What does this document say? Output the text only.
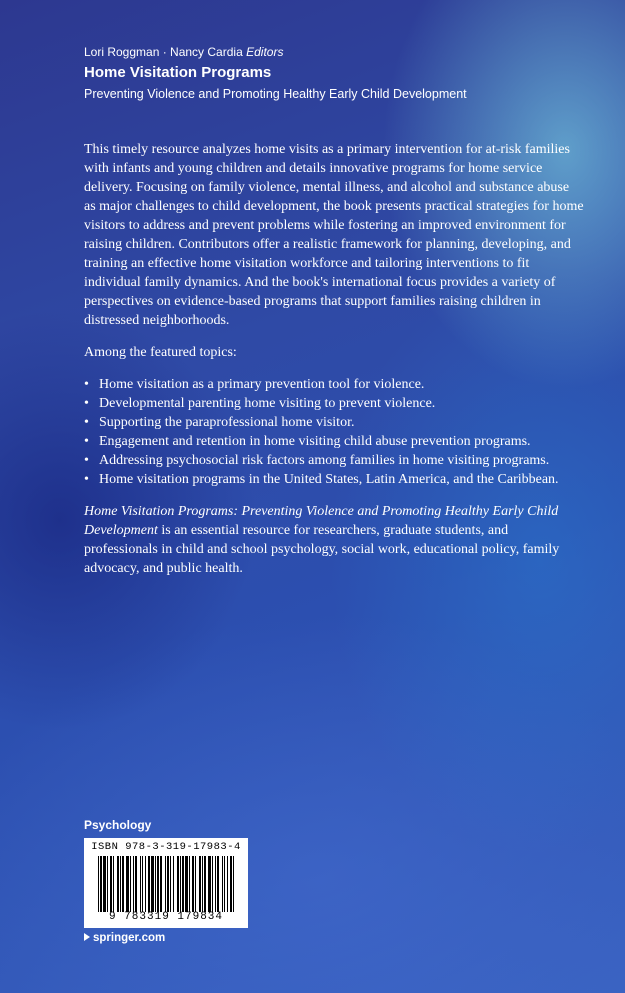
Lori Roggman · Nancy Cardia Editors
Home Visitation Programs
Preventing Violence and Promoting Healthy Early Child Development

This timely resource analyzes home visits as a primary intervention for at-risk families with infants and young children and details innovative programs for home service delivery. Focusing on family violence, mental illness, and alcohol and substance abuse as major challenges to child development, the book presents practical strategies for home visitors to address and prevent problems while fostering an improved environment for raising children. Contributors offer a realistic framework for planning, developing, and training an effective home visitation workforce and tailoring interventions to fit individual family dynamics. And the book's international focus provides a variety of perspectives on evidence-based programs that support families raising children in distressed neighborhoods.

Among the featured topics:

• Home visitation as a primary prevention tool for violence.
• Developmental parenting home visiting to prevent violence.
• Supporting the paraprofessional home visitor.
• Engagement and retention in home visiting child abuse prevention programs.
• Addressing psychosocial risk factors among families in home visiting programs.
• Home visitation programs in the United States, Latin America, and the Caribbean.

Home Visitation Programs: Preventing Violence and Promoting Healthy Early Child Development is an essential resource for researchers, graduate students, and professionals in child and school psychology, social work, educational policy, family advocacy, and public health.

Psychology
ISBN 978-3-319-17983-4
9 783319 179834
springer.com
